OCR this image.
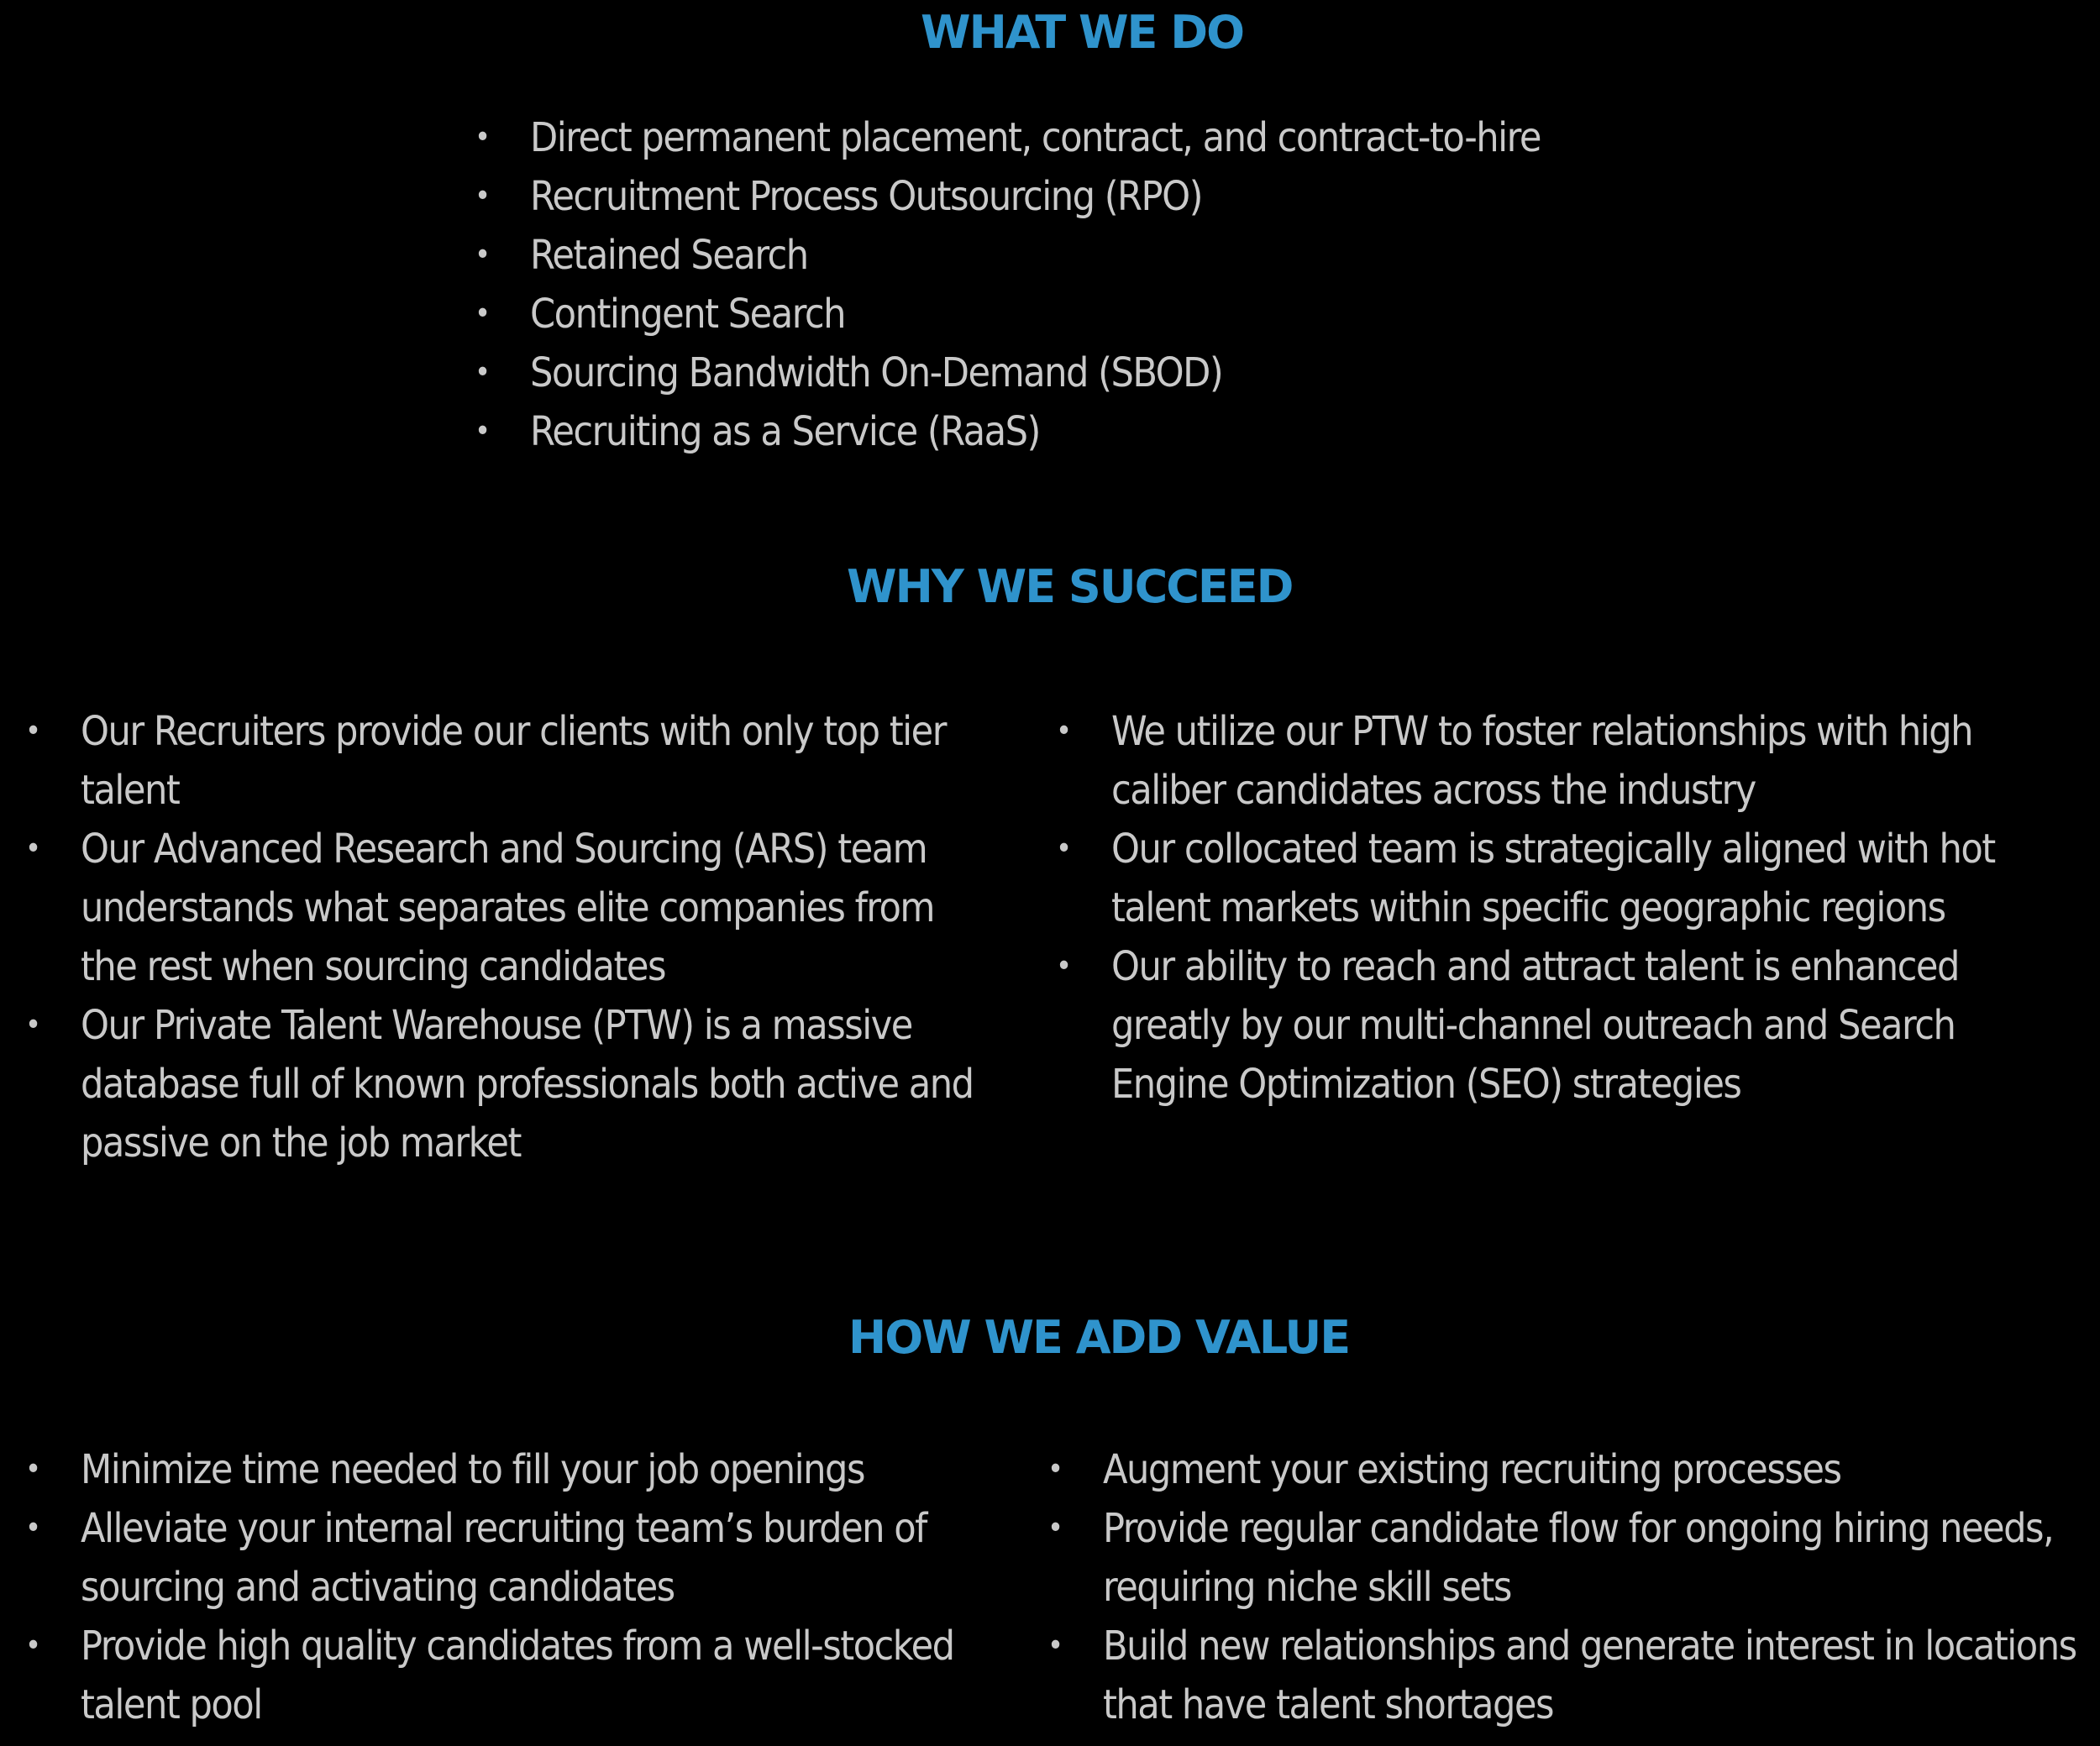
WHAT WE DO
• Direct permanent placement, contract, and contract-to-hire
• Recruitment Process Outsourcing (RPO)
• Retained Search
• Contingent Search
• Sourcing Bandwidth On-Demand (SBOD)
• Recruiting as a Service (RaaS)
WHY WE SUCCEED
• Our Recruiters provide our clients with only top tier talent
• Our Advanced Research and Sourcing (ARS) team understands what separates elite companies from the rest when sourcing candidates
• Our Private Talent Warehouse (PTW) is a massive database full of known professionals both active and passive on the job market
• We utilize our PTW to foster relationships with high caliber candidates across the industry
• Our collocated team is strategically aligned with hot talent markets within specific geographic regions
• Our ability to reach and attract talent is enhanced greatly by our multi-channel outreach and Search Engine Optimization (SEO) strategies
HOW WE ADD VALUE
• Minimize time needed to fill your job openings
• Alleviate your internal recruiting team’s burden of sourcing and activating candidates
• Provide high quality candidates from a well-stocked talent pool
• Augment your existing recruiting processes
• Provide regular candidate flow for ongoing hiring needs, requiring niche skill sets
• Build new relationships and generate interest in locations that have talent shortages
